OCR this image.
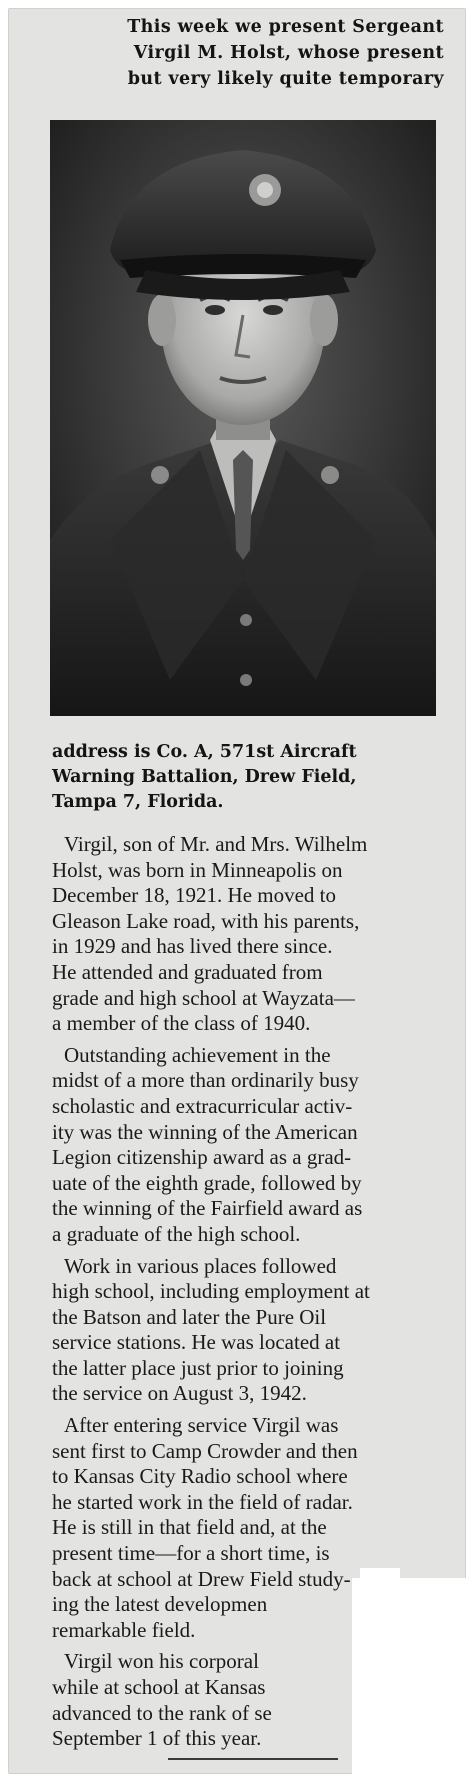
This week we present Sergeant
Virgil M. Holst, whose present
but very likely quite temporary
address is Co. A, 571st Aircraft
Warning Battalion, Drew Field,
Tampa 7, Florida.
Virgil, son of Mr. and Mrs. Wilhelm
Holst, was born in Minneapolis on
December 18, 1921. He moved to
Gleason Lake road, with his parents,
in 1929 and has lived there since.
He attended and graduated from
grade and high school at Wayzata—
a member of the class of 1940.
Outstanding achievement in the
midst of a more than ordinarily busy
scholastic and extracurricular activ-
ity was the winning of the American
Legion citizenship award as a grad-
uate of the eighth grade, followed by
the winning of the Fairfield award as
a graduate of the high school.
Work in various places followed
high school, including employment at
the Batson and later the Pure Oil
service stations. He was located at
the latter place just prior to joining
the service on August 3, 1942.
After entering service Virgil was
sent first to Camp Crowder and then
to Kansas City Radio school where
he started work in the field of radar.
He is still in that field and, at the
present time—for a short time, is
back at school at Drew Field study-
ing the latest developmen
remarkable field.
Virgil won his corporal
while at school at Kansas
advanced to the rank of se
September 1 of this year.
